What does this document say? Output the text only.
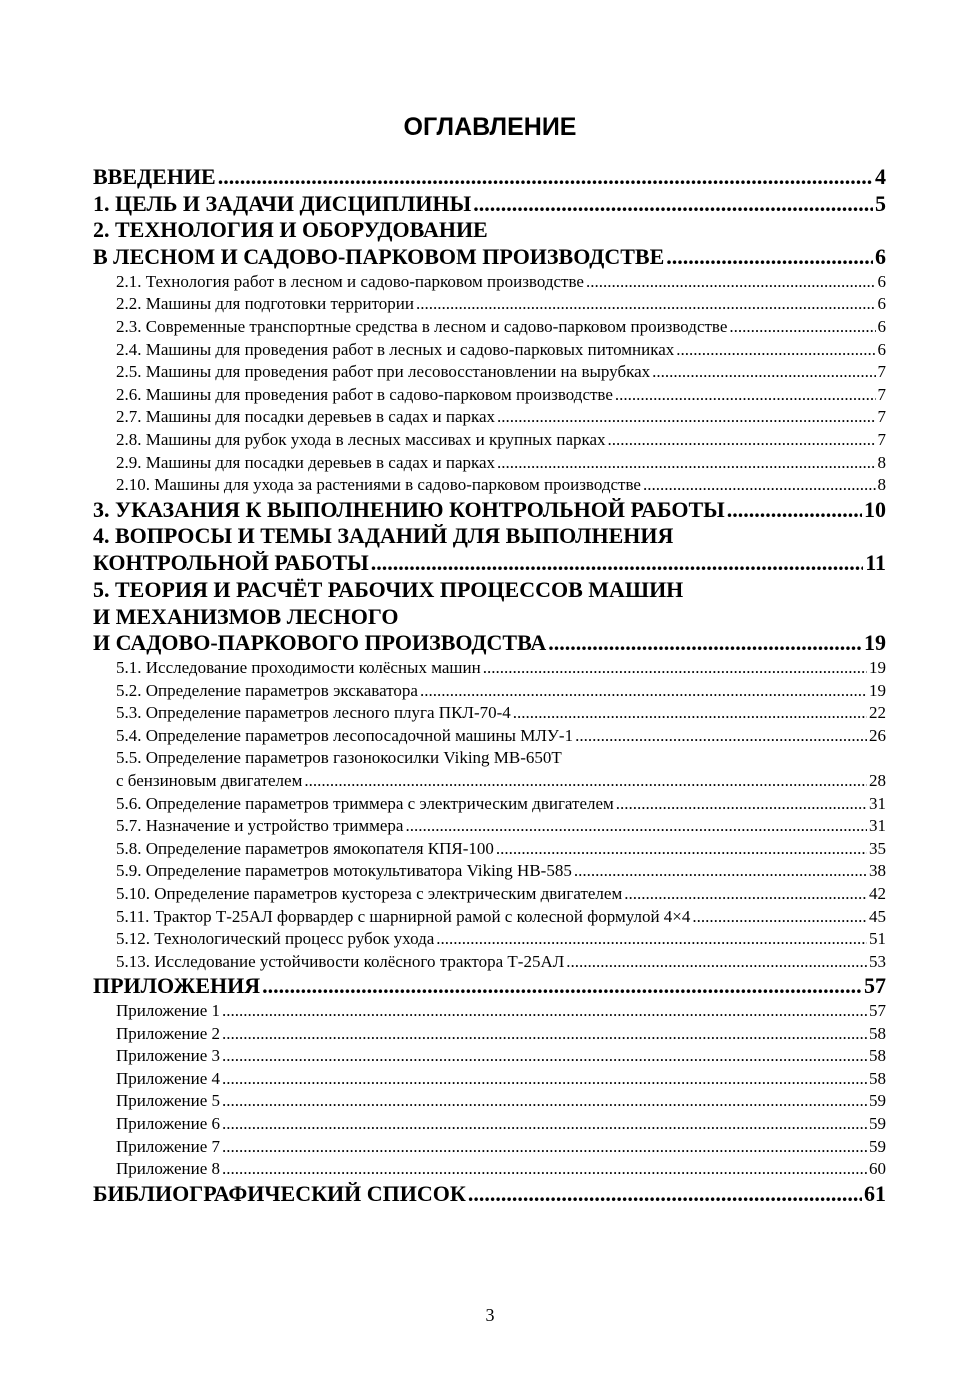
ОГЛАВЛЕНИЕ
ВВЕДЕНИЕ .....	4
1. ЦЕЛЬ И ЗАДАЧИ ДИСЦИПЛИНЫ .....	5
2. ТЕХНОЛОГИЯ И ОБОРУДОВАНИЕ
В ЛЕСНОМ И САДОВО-ПАРКОВОМ ПРОИЗВОДСТВЕ .....	6
2.1. Технология работ в лесном и садово-парковом производстве .....	6
2.2. Машины для подготовки территории .....	6
2.3. Современные транспортные средства в лесном и садово-парковом производстве .....	6
2.4. Машины для проведения работ в лесных и садово-парковых питомниках .....	6
2.5. Машины для проведения работ при лесовосстановлении на вырубках .....	7
2.6. Машины для проведения работ в садово-парковом производстве .....	7
2.7. Машины для посадки деревьев в садах и парках .....	7
2.8. Машины для рубок ухода в лесных массивах и крупных парках .....	7
2.9. Машины для посадки деревьев в садах и парках .....	8
2.10. Машины для ухода за растениями в садово-парковом производстве .....	8
3. УКАЗАНИЯ К ВЫПОЛНЕНИЮ КОНТРОЛЬНОЙ РАБОТЫ .....	10
4. ВОПРОСЫ И ТЕМЫ ЗАДАНИЙ ДЛЯ ВЫПОЛНЕНИЯ
КОНТРОЛЬНОЙ РАБОТЫ .....	11
5. ТЕОРИЯ И РАСЧЁТ РАБОЧИХ ПРОЦЕССОВ МАШИН
И МЕХАНИЗМОВ ЛЕСНОГО
И САДОВО-ПАРКОВОГО ПРОИЗВОДСТВА .....	19
5.1. Исследование проходимости колёсных машин .....	19
5.2. Определение параметров экскаватора .....	19
5.3. Определение параметров лесного плуга ПКЛ-70-4 .....	22
5.4. Определение параметров лесопосадочной машины МЛУ-1 .....	26
5.5. Определение параметров газонокосилки Viking MB-650T
с бензиновым двигателем .....	28
5.6. Определение параметров триммера с электрическим двигателем .....	31
5.7. Назначение и устройство триммера .....	31
5.8. Определение параметров ямокопателя КПЯ-100 .....	35
5.9. Определение параметров мотокультиватора Viking HB-585 .....	38
5.10. Определение параметров кустореза с электрическим двигателем .....	42
5.11. Трактор Т-25АЛ форвардер с шарнирной рамой с колесной формулой 4×4 .....	45
5.12. Технологический процесс рубок ухода .....	51
5.13. Исследование устойчивости колёсного трактора Т-25АЛ .....	53
ПРИЛОЖЕНИЯ .....	57
Приложение 1 .....	57
Приложение 2 .....	58
Приложение 3 .....	58
Приложение 4 .....	58
Приложение 5 .....	59
Приложение 6 .....	59
Приложение 7 .....	59
Приложение 8 .....	60
БИБЛИОГРАФИЧЕСКИЙ СПИСОК .....	61
3
